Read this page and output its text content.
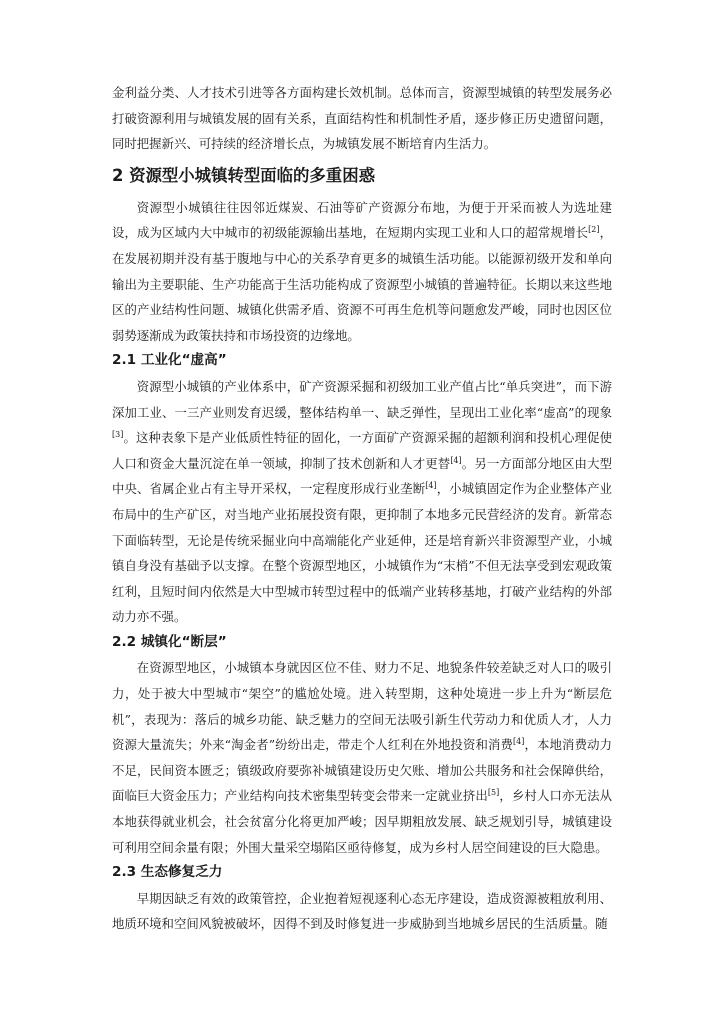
金利益分类、人才技术引进等各方面构建长效机制。总体而言，资源型城镇的转型发展务必打破资源利用与城镇发展的固有关系，直面结构性和机制性矛盾，逐步修正历史遗留问题，同时把握新兴、可持续的经济增长点，为城镇发展不断培育内生活力。

2 资源型小城镇转型面临的多重困惑

资源型小城镇往往因邻近煤炭、石油等矿产资源分布地，为便于开采而被人为选址建设，成为区域内大中城市的初级能源输出基地，在短期内实现工业和人口的超常规增长[2]，在发展初期并没有基于腹地与中心的关系孕育更多的城镇生活功能。以能源初级开发和单向输出为主要职能、生产功能高于生活功能构成了资源型小城镇的普遍特征。长期以来这些地区的产业结构性问题、城镇化供需矛盾、资源不可再生危机等问题愈发严峻，同时也因区位弱势逐渐成为政策扶持和市场投资的边缘地。

2.1 工业化“虚高”

资源型小城镇的产业体系中，矿产资源采掘和初级加工业产值占比“单兵突进”，而下游深加工业、一三产业则发育迟缓，整体结构单一、缺乏弹性，呈现出工业化率“虚高”的现象[3]。这种表象下是产业低质性特征的固化，一方面矿产资源采掘的超额利润和投机心理促使人口和资金大量沉淀在单一领域，抑制了技术创新和人才更替[4]。另一方面部分地区由大型中央、省属企业占有主导开采权，一定程度形成行业垄断[4]，小城镇固定作为企业整体产业布局中的生产矿区，对当地产业拓展投资有限，更抑制了本地多元民营经济的发育。新常态下面临转型，无论是传统采掘业向中高端能化产业延伸，还是培育新兴非资源型产业，小城镇自身没有基础予以支撑。在整个资源型地区，小城镇作为“末梢”不但无法享受到宏观政策红利，且短时间内依然是大中型城市转型过程中的低端产业转移基地，打破产业结构的外部动力亦不强。

2.2 城镇化“断层”

在资源型地区，小城镇本身就因区位不佳、财力不足、地貌条件较差缺乏对人口的吸引力，处于被大中型城市“架空”的尴尬处境。进入转型期，这种处境进一步上升为“断层危机”，表现为：落后的城乡功能、缺乏魅力的空间无法吸引新生代劳动力和优质人才，人力资源大量流失；外来“淘金者”纷纷出走，带走个人红利在外地投资和消费[4]，本地消费动力不足，民间资本匮乏；镇级政府要弥补城镇建设历史欠账、增加公共服务和社会保障供给，面临巨大资金压力；产业结构向技术密集型转变会带来一定就业挤出[5]，乡村人口亦无法从本地获得就业机会，社会贫富分化将更加严峻；因早期粗放发展、缺乏规划引导，城镇建设可利用空间余量有限；外围大量采空塌陷区亟待修复，成为乡村人居空间建设的巨大隐患。

2.3 生态修复乏力

早期因缺乏有效的政策管控，企业抱着短视逐利心态无序建设，造成资源被粗放利用、地质环境和空间风貌被破坏，因得不到及时修复进一步威胁到当地城乡居民的生活质量。随
